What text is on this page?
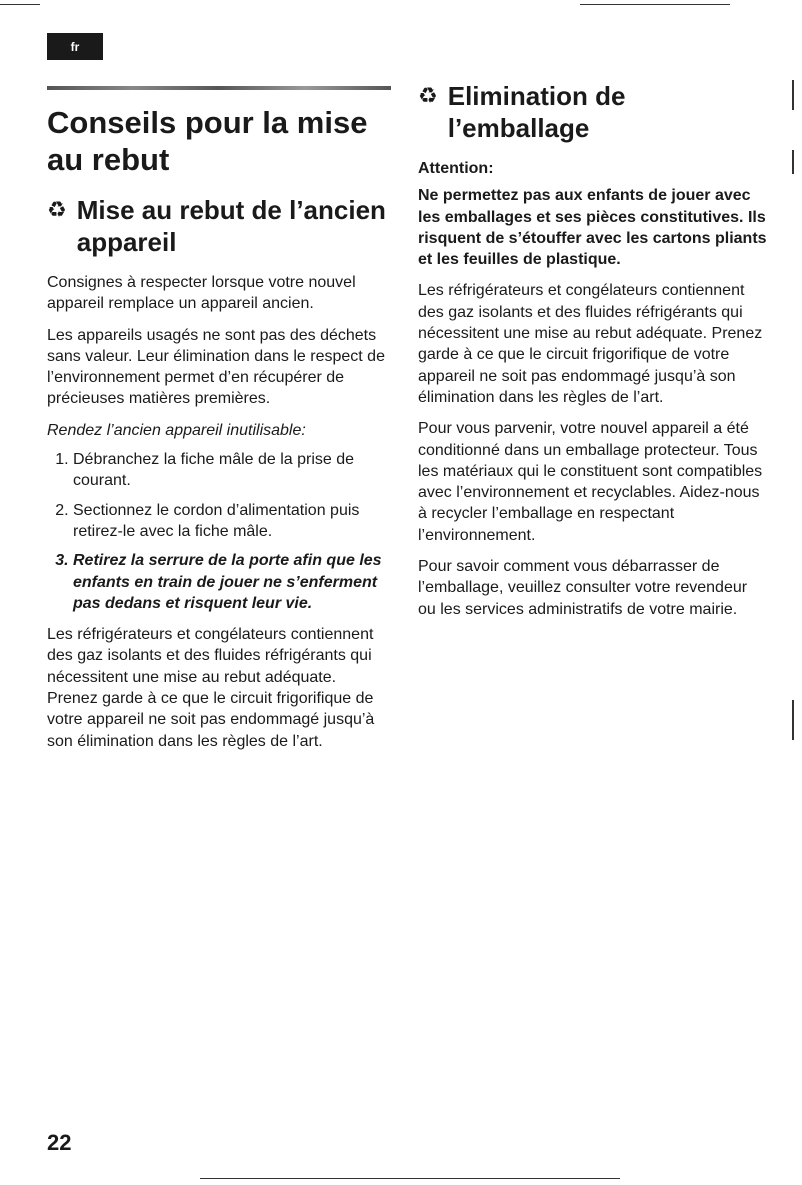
fr
Conseils pour la mise au rebut
♻ Mise au rebut de l’ancien appareil

Consignes à respecter lorsque votre nouvel appareil remplace un appareil ancien.

Les appareils usagés ne sont pas des déchets sans valeur. Leur élimination dans le respect de l’environnement permet d’en récupérer de précieuses matières premières.

Rendez l’ancien appareil inutilisable:

1. Débranchez la fiche mâle de la prise de courant.
2. Sectionnez le cordon d’alimentation puis retirez-le avec la fiche mâle.
3. Retirez la serrure de la porte afin que les enfants en train de jouer ne s’enferment pas dedans et risquent leur vie.

Les réfrigérateurs et congélateurs contiennent des gaz isolants et des fluides réfrigérants qui nécessitent une mise au rebut adéquate. Prenez garde à ce que le circuit frigorifique de votre appareil ne soit pas endommagé jusqu’à son élimination dans les règles de l’art.

♻ Elimination de l’emballage

Attention:

Ne permettez pas aux enfants de jouer avec les emballages et ses pièces constitutives. Ils risquent de s’étouffer avec les cartons pliants et les feuilles de plastique.

Les réfrigérateurs et congélateurs contiennent des gaz isolants et des fluides réfrigérants qui nécessitent une mise au rebut adéquate. Prenez garde à ce que le circuit frigorifique de votre appareil ne soit pas endommagé jusqu’à son élimination dans les règles de l’art.

Pour vous parvenir, votre nouvel appareil a été conditionné dans un emballage protecteur. Tous les matériaux qui le constituent sont compatibles avec l’environnement et recyclables. Aidez-nous à recycler l’emballage en respectant l’environnement.

Pour savoir comment vous débarrasser de l’emballage, veuillez consulter votre revendeur ou les services administratifs de votre mairie.

22
